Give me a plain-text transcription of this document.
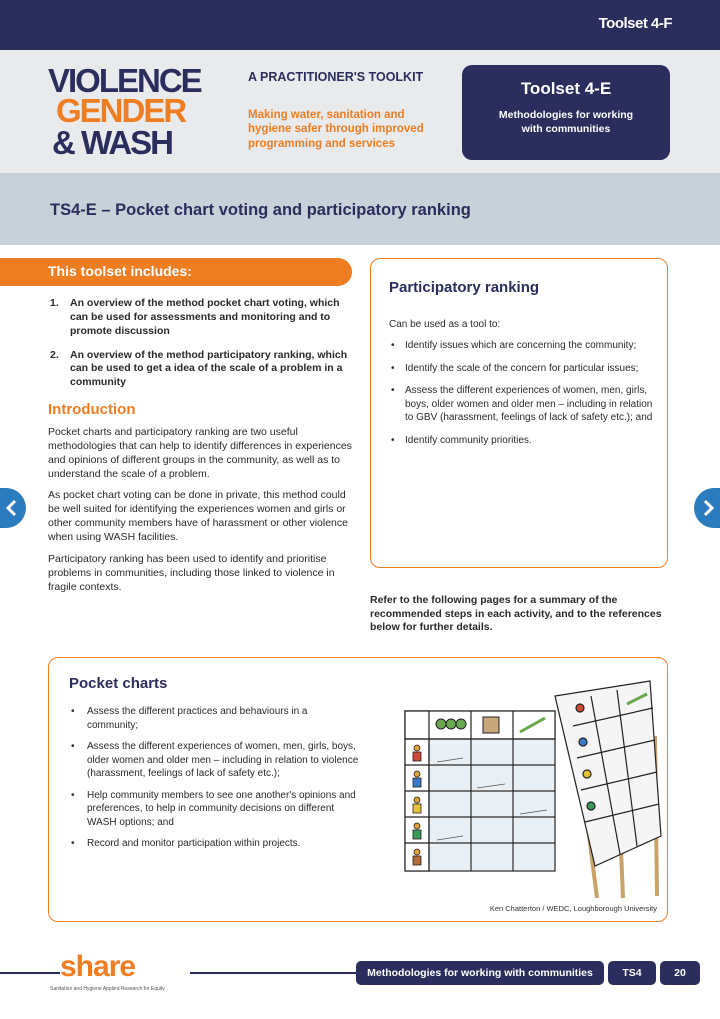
Toolset 4-F
VIOLENCE
GENDER
& WASH
A PRACTITIONER'S TOOLKIT
Making water, sanitation and hygiene safer through improved programming and services
Toolset 4-E
Methodologies for working with communities
TS4-E – Pocket chart voting and participatory ranking
This toolset includes:
1. An overview of the method pocket chart voting, which can be used for assessments and monitoring and to promote discussion
2. An overview of the method participatory ranking, which can be used to get a idea of the scale of a problem in a community
Introduction

Pocket charts and participatory ranking are two useful methodologies that can help to identify differences in experiences and opinions of different groups in the community, as well as to understand the scale of a problem.

As pocket chart voting can be done in private, this method could be well suited for identifying the experiences women and girls or other community members have of harassment or other violence when using WASH facilities.

Participatory ranking has been used to identify and prioritise problems in communities, including those linked to violence in fragile contexts.

Participatory ranking
Can be used as a tool to:
• Identify issues which are concerning the community;
• Identify the scale of the concern for particular issues;
• Assess the different experiences of women, men, girls, boys, older women and older men – including in relation to GBV (harassment, feelings of lack of safety etc.); and
• Identify community priorities.
Refer to the following pages for a summary of the recommended steps in each activity, and to the references below for further details.
Pocket charts
• Assess the different practices and behaviours in a community;
• Assess the different experiences of women, men, girls, boys, older women and older men – including in relation to violence (harassment, feelings of lack of safety etc.);
• Help community members to see one another's opinions and preferences, to help in community decisions on different WASH options; and
• Record and monitor participation within projects.
Ken Chatterton / WEDC, Loughborough University
share
Sanitation and Hygiene Applied Research for Equity
Methodologies for working with communities	TS4	20
